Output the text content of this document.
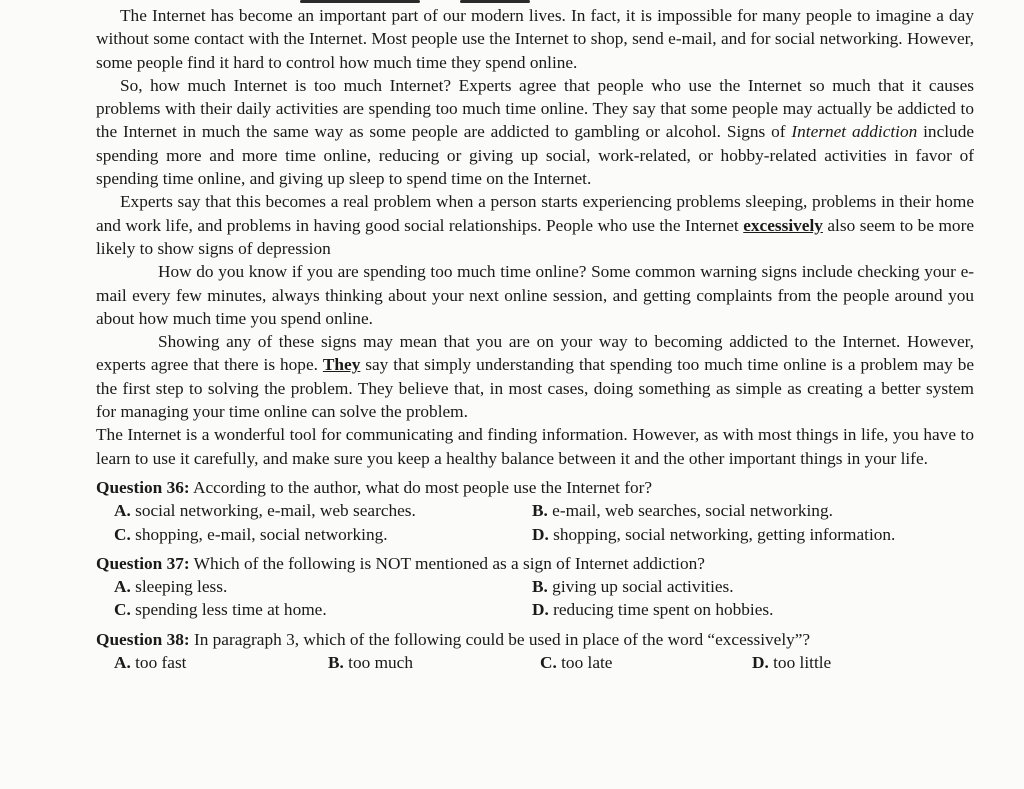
The Internet has become an important part of our modern lives. In fact, it is impossible for many people to imagine a day without some contact with the Internet. Most people use the Internet to shop, send e-mail, and for social networking. However, some people find it hard to control how much time they spend online.

So, how much Internet is too much Internet? Experts agree that people who use the Internet so much that it causes problems with their daily activities are spending too much time online. They say that some people may actually be addicted to the Internet in much the same way as some people are addicted to gambling or alcohol. Signs of Internet addiction include spending more and more time online, reducing or giving up social, work-related, or hobby-related activities in favor of spending time online, and giving up sleep to spend time on the Internet.

Experts say that this becomes a real problem when a person starts experiencing problems sleeping, problems in their home and work life, and problems in having good social relationships. People who use the Internet excessively also seem to be more likely to show signs of depression

How do you know if you are spending too much time online? Some common warning signs include checking your e-mail every few minutes, always thinking about your next online session, and getting complaints from the people around you about how much time you spend online.

Showing any of these signs may mean that you are on your way to becoming addicted to the Internet. However, experts agree that there is hope. They say that simply understanding that spending too much time online is a problem may be the first step to solving the problem. They believe that, in most cases, doing something as simple as creating a better system for managing your time online can solve the problem.

The Internet is a wonderful tool for communicating and finding information. However, as with most things in life, you have to learn to use it carefully, and make sure you keep a healthy balance between it and the other important things in your life.

Question 36: According to the author, what do most people use the Internet for?
A. social networking, e-mail, web searches.	B. e-mail, web searches, social networking.
C. shopping, e-mail, social networking.	D. shopping, social networking, getting information.
Question 37: Which of the following is NOT mentioned as a sign of Internet addiction?
A. sleeping less.	B. giving up social activities.
C. spending less time at home.	D. reducing time spent on hobbies.
Question 38: In paragraph 3, which of the following could be used in place of the word “excessively”?
A. too fast	B. too much	C. too late	D. too little
